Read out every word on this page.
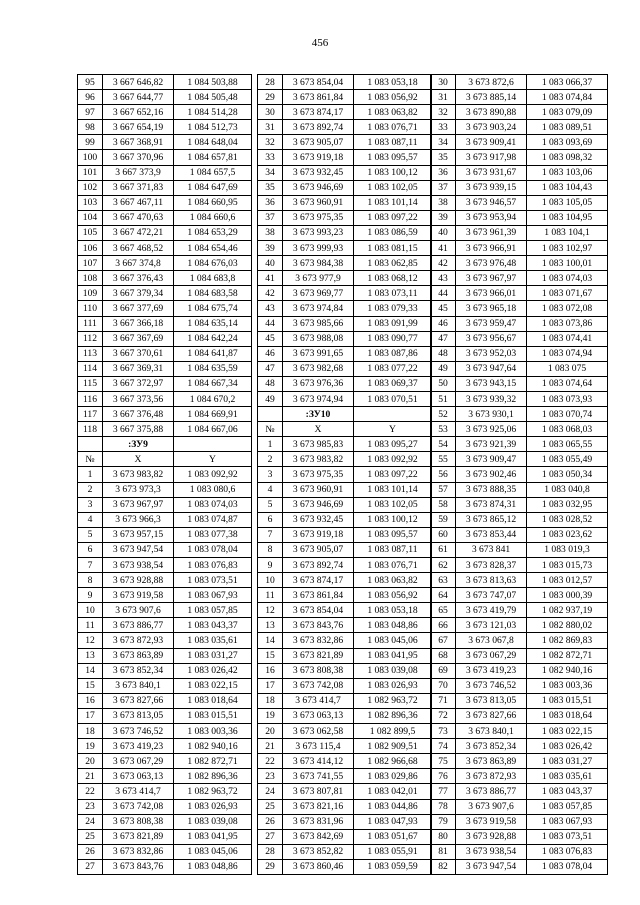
456
95	3 667 646,82	1 084 503,88
96	3 667 644,77	1 084 505,48
97	3 667 652,16	1 084 514,28
98	3 667 654,19	1 084 512,73
99	3 667 368,91	1 084 648,04
100	3 667 370,96	1 084 657,81
101	3 667 373,9	1 084 657,5
102	3 667 371,83	1 084 647,69
103	3 667 467,11	1 084 660,95
104	3 667 470,63	1 084 660,6
105	3 667 472,21	1 084 653,29
106	3 667 468,52	1 084 654,46
107	3 667 374,8	1 084 676,03
108	3 667 376,43	1 084 683,8
109	3 667 379,34	1 084 683,58
110	3 667 377,69	1 084 675,74
111	3 667 366,18	1 084 635,14
112	3 667 367,69	1 084 642,24
113	3 667 370,61	1 084 641,87
114	3 667 369,31	1 084 635,59
115	3 667 372,97	1 084 667,34
116	3 667 373,56	1 084 670,2
117	3 667 376,48	1 084 669,91
118	3 667 375,88	1 084 667,06
	:ЗУ9	
№	X	Y
1	3 673 983,82	1 083 092,92
2	3 673 973,3	1 083 080,6
3	3 673 967,97	1 083 074,03
4	3 673 966,3	1 083 074,87
5	3 673 957,15	1 083 077,38
6	3 673 947,54	1 083 078,04
7	3 673 938,54	1 083 076,83
8	3 673 928,88	1 083 073,51
9	3 673 919,58	1 083 067,93
10	3 673 907,6	1 083 057,85
11	3 673 886,77	1 083 043,37
12	3 673 872,93	1 083 035,61
13	3 673 863,89	1 083 031,27
14	3 673 852,34	1 083 026,42
15	3 673 840,1	1 083 022,15
16	3 673 827,66	1 083 018,64
17	3 673 813,05	1 083 015,51
18	3 673 746,52	1 083 003,36
19	3 673 419,23	1 082 940,16
20	3 673 067,29	1 082 872,71
21	3 673 063,13	1 082 896,36
22	3 673 414,7	1 082 963,72
23	3 673 742,08	1 083 026,93
24	3 673 808,38	1 083 039,08
25	3 673 821,89	1 083 041,95
26	3 673 832,86	1 083 045,06
27	3 673 843,76	1 083 048,86
28	3 673 854,04	1 083 053,18
29	3 673 861,84	1 083 056,92
30	3 673 874,17	1 083 063,82
31	3 673 892,74	1 083 076,71
32	3 673 905,07	1 083 087,11
33	3 673 919,18	1 083 095,57
34	3 673 932,45	1 083 100,12
35	3 673 946,69	1 083 102,05
36	3 673 960,91	1 083 101,14
37	3 673 975,35	1 083 097,22
38	3 673 993,23	1 083 086,59
39	3 673 999,93	1 083 081,15
40	3 673 984,38	1 083 062,85
41	3 673 977,9	1 083 068,12
42	3 673 969,77	1 083 073,11
43	3 673 974,84	1 083 079,33
44	3 673 985,66	1 083 091,99
45	3 673 988,08	1 083 090,77
46	3 673 991,65	1 083 087,86
47	3 673 982,68	1 083 077,22
48	3 673 976,36	1 083 069,37
49	3 673 974,94	1 083 070,51
	:ЗУ10	
№	X	Y
1	3 673 985,83	1 083 095,27
2	3 673 983,82	1 083 092,92
3	3 673 975,35	1 083 097,22
4	3 673 960,91	1 083 101,14
5	3 673 946,69	1 083 102,05
6	3 673 932,45	1 083 100,12
7	3 673 919,18	1 083 095,57
8	3 673 905,07	1 083 087,11
9	3 673 892,74	1 083 076,71
10	3 673 874,17	1 083 063,82
11	3 673 861,84	1 083 056,92
12	3 673 854,04	1 083 053,18
13	3 673 843,76	1 083 048,86
14	3 673 832,86	1 083 045,06
15	3 673 821,89	1 083 041,95
16	3 673 808,38	1 083 039,08
17	3 673 742,08	1 083 026,93
18	3 673 414,7	1 082 963,72
19	3 673 063,13	1 082 896,36
20	3 673 062,58	1 082 899,5
21	3 673 115,4	1 082 909,51
22	3 673 414,12	1 082 966,68
23	3 673 741,55	1 083 029,86
24	3 673 807,81	1 083 042,01
25	3 673 821,16	1 083 044,86
26	3 673 831,96	1 083 047,93
27	3 673 842,69	1 083 051,67
28	3 673 852,82	1 083 055,91
29	3 673 860,46	1 083 059,59
30	3 673 872,6	1 083 066,37
31	3 673 885,14	1 083 074,84
32	3 673 890,88	1 083 079,09
33	3 673 903,24	1 083 089,51
34	3 673 909,41	1 083 093,69
35	3 673 917,98	1 083 098,32
36	3 673 931,67	1 083 103,06
37	3 673 939,15	1 083 104,43
38	3 673 946,57	1 083 105,05
39	3 673 953,94	1 083 104,95
40	3 673 961,39	1 083 104,1
41	3 673 966,91	1 083 102,97
42	3 673 976,48	1 083 100,01
43	3 673 967,97	1 083 074,03
44	3 673 966,01	1 083 071,67
45	3 673 965,18	1 083 072,08
46	3 673 959,47	1 083 073,86
47	3 673 956,67	1 083 074,41
48	3 673 952,03	1 083 074,94
49	3 673 947,64	1 083 075
50	3 673 943,15	1 083 074,64
51	3 673 939,32	1 083 073,93
52	3 673 930,1	1 083 070,74
53	3 673 925,06	1 083 068,03
54	3 673 921,39	1 083 065,55
55	3 673 909,47	1 083 055,49
56	3 673 902,46	1 083 050,34
57	3 673 888,35	1 083 040,8
58	3 673 874,31	1 083 032,95
59	3 673 865,12	1 083 028,52
60	3 673 853,44	1 083 023,62
61	3 673 841	1 083 019,3
62	3 673 828,37	1 083 015,73
63	3 673 813,63	1 083 012,57
64	3 673 747,07	1 083 000,39
65	3 673 419,79	1 082 937,19
66	3 673 121,03	1 082 880,02
67	3 673 067,8	1 082 869,83
68	3 673 067,29	1 082 872,71
69	3 673 419,23	1 082 940,16
70	3 673 746,52	1 083 003,36
71	3 673 813,05	1 083 015,51
72	3 673 827,66	1 083 018,64
73	3 673 840,1	1 083 022,15
74	3 673 852,34	1 083 026,42
75	3 673 863,89	1 083 031,27
76	3 673 872,93	1 083 035,61
77	3 673 886,77	1 083 043,37
78	3 673 907,6	1 083 057,85
79	3 673 919,58	1 083 067,93
80	3 673 928,88	1 083 073,51
81	3 673 938,54	1 083 076,83
82	3 673 947,54	1 083 078,04
